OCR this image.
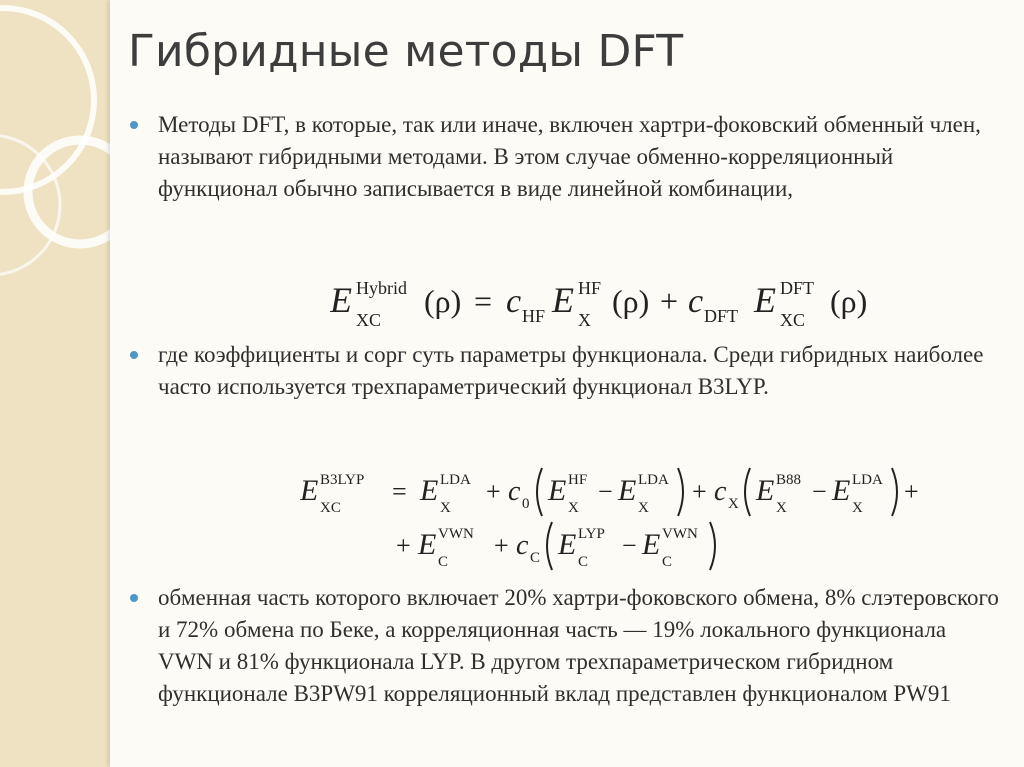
Гибридные методы DFT
Методы DFT, в которые, так или иначе, включен хартри-фоковский обменный член, называют гибридными методами. В этом случае обменно-корреляционный функционал обычно записывается в виде линейной комбинации,
E Hybrid
XC
(ρ) = c HF E HF
X
(ρ) + c DFT E DFT
XC
(ρ)
где коэффициенты и cорг суть параметры функционала. Среди гибридных наиболее часто используется трехпараметрический функционал B3LYP.
E B3LYP
XC
= E LDA
X
+ c 0 E HF
X
− E LDA
X
+ c X E B88
X
− E LDA
X
+
+ E VWN
C
+ c C E LYP
C
− E VWN
C
обменная часть которого включает 20% хартри-фоковского обмена, 8% слэтеровского и 72% обмена по Беке, а корреляционная часть — 19% локального функционала VWN и 81% функционала LYP. В другом трехпараметрическом гибридном функционале B3PW91 корреляционный вклад представлен функционалом PW91
